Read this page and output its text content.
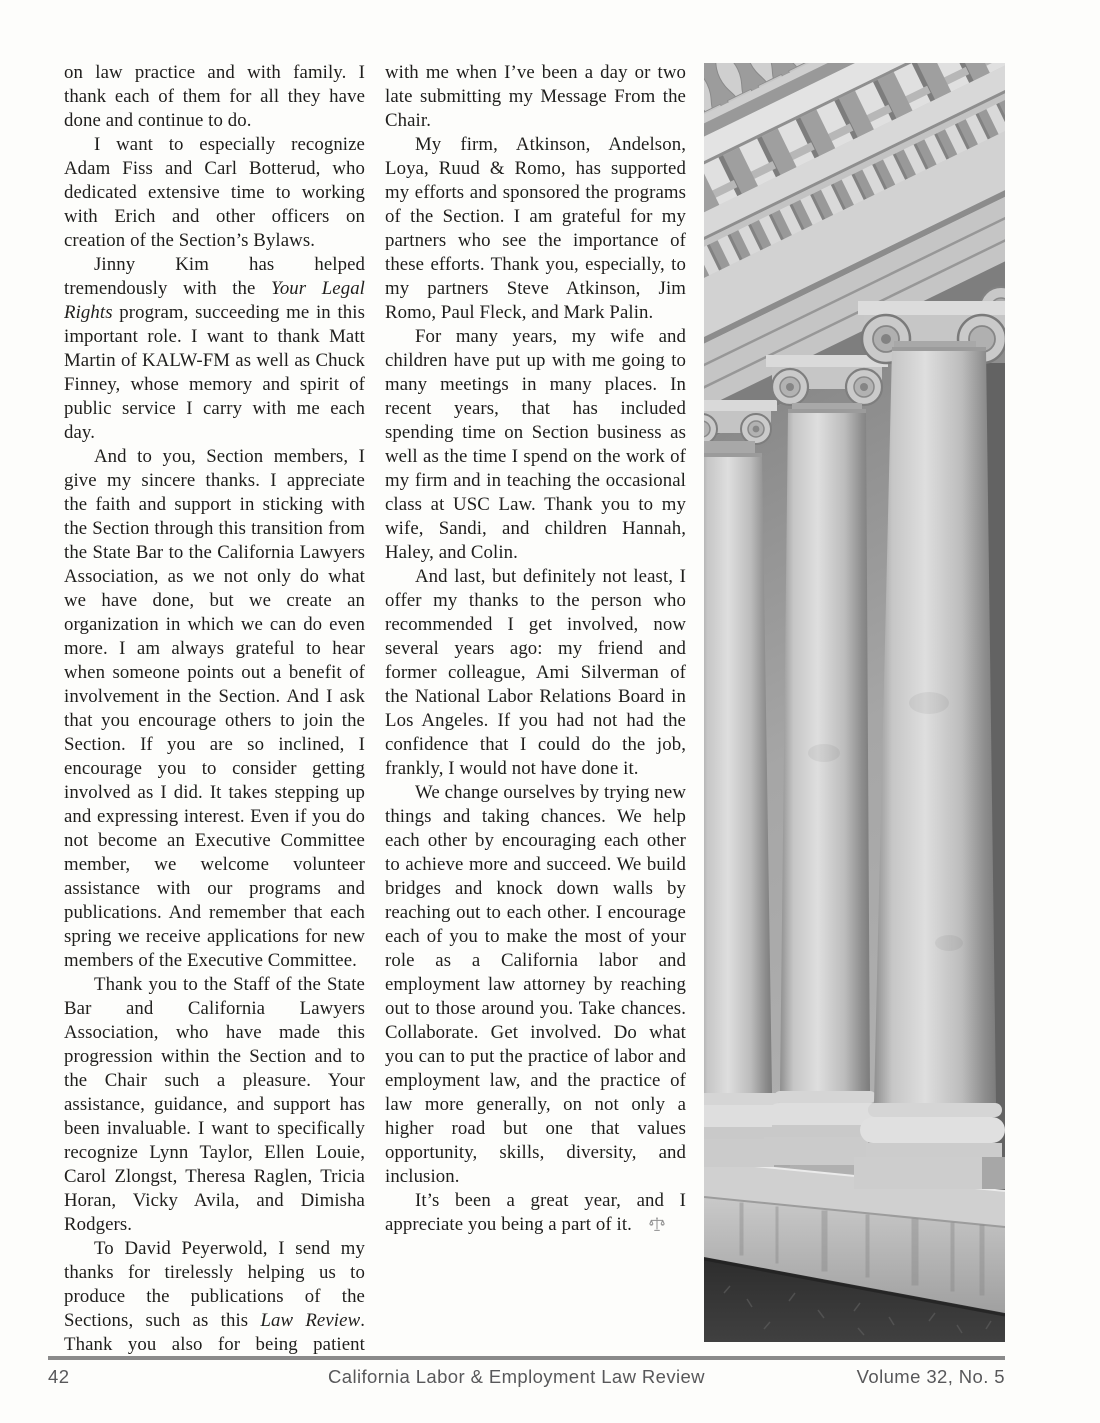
on law practice and with family. I thank each of them for all they have done and continue to do.

I want to especially recognize Adam Fiss and Carl Botterud, who dedicated extensive time to working with Erich and other officers on creation of the Section’s Bylaws.

Jinny Kim has helped tremendously with the Your Legal Rights program, succeeding me in this important role. I want to thank Matt Martin of KALW-FM as well as Chuck Finney, whose memory and spirit of public service I carry with me each day.

And to you, Section members, I give my sincere thanks. I appreciate the faith and support in sticking with the Section through this transition from the State Bar to the California Lawyers Association, as we not only do what we have done, but we create an organization in which we can do even more. I am always grateful to hear when someone points out a benefit of involvement in the Section. And I ask that you encourage others to join the Section. If you are so inclined, I encourage you to consider getting involved as I did. It takes stepping up and expressing interest. Even if you do not become an Executive Committee member, we welcome volunteer assistance with our programs and publications. And remember that each spring we receive applications for new members of the Executive Committee.

Thank you to the Staff of the State Bar and California Lawyers Association, who have made this progression within the Section and to the Chair such a pleasure. Your assistance, guidance, and support has been invaluable. I want to specifically recognize Lynn Taylor, Ellen Louie, Carol Zlongst, Theresa Raglen, Tricia Horan, Vicky Avila, and Dimisha Rodgers.

To David Peyerwold, I send my thanks for tirelessly helping us to produce the publications of the Sections, such as this Law Review. Thank you also for being patient

with me when I’ve been a day or two late submitting my Message From the Chair.

My firm, Atkinson, Andelson, Loya, Ruud & Romo, has supported my efforts and sponsored the programs of the Section. I am grateful for my partners who see the importance of these efforts. Thank you, especially, to my partners Steve Atkinson, Jim Romo, Paul Fleck, and Mark Palin.

For many years, my wife and children have put up with me going to many meetings in many places. In recent years, that has included spending time on Section business as well as the time I spend on the work of my firm and in teaching the occasional class at USC Law. Thank you to my wife, Sandi, and children Hannah, Haley, and Colin.

And last, but definitely not least, I offer my thanks to the person who recommended I get involved, now several years ago: my friend and former colleague, Ami Silverman of the National Labor Relations Board in Los Angeles. If you had not had the confidence that I could do the job, frankly, I would not have done it.

We change ourselves by trying new things and taking chances. We help each other by encouraging each other to achieve more and succeed. We build bridges and knock down walls by reaching out to each other. I encourage each of you to make the most of your role as a California labor and employment law attorney by reaching out to those around you. Take chances. Collaborate. Get involved. Do what you can to put the practice of labor and employment law, and the practice of law more generally, on not only a higher road but one that values opportunity, skills, diversity, and inclusion.

It’s been a great year, and I appreciate you being a part of it.

42	California Labor & Employment Law Review	Volume 32, No. 5
